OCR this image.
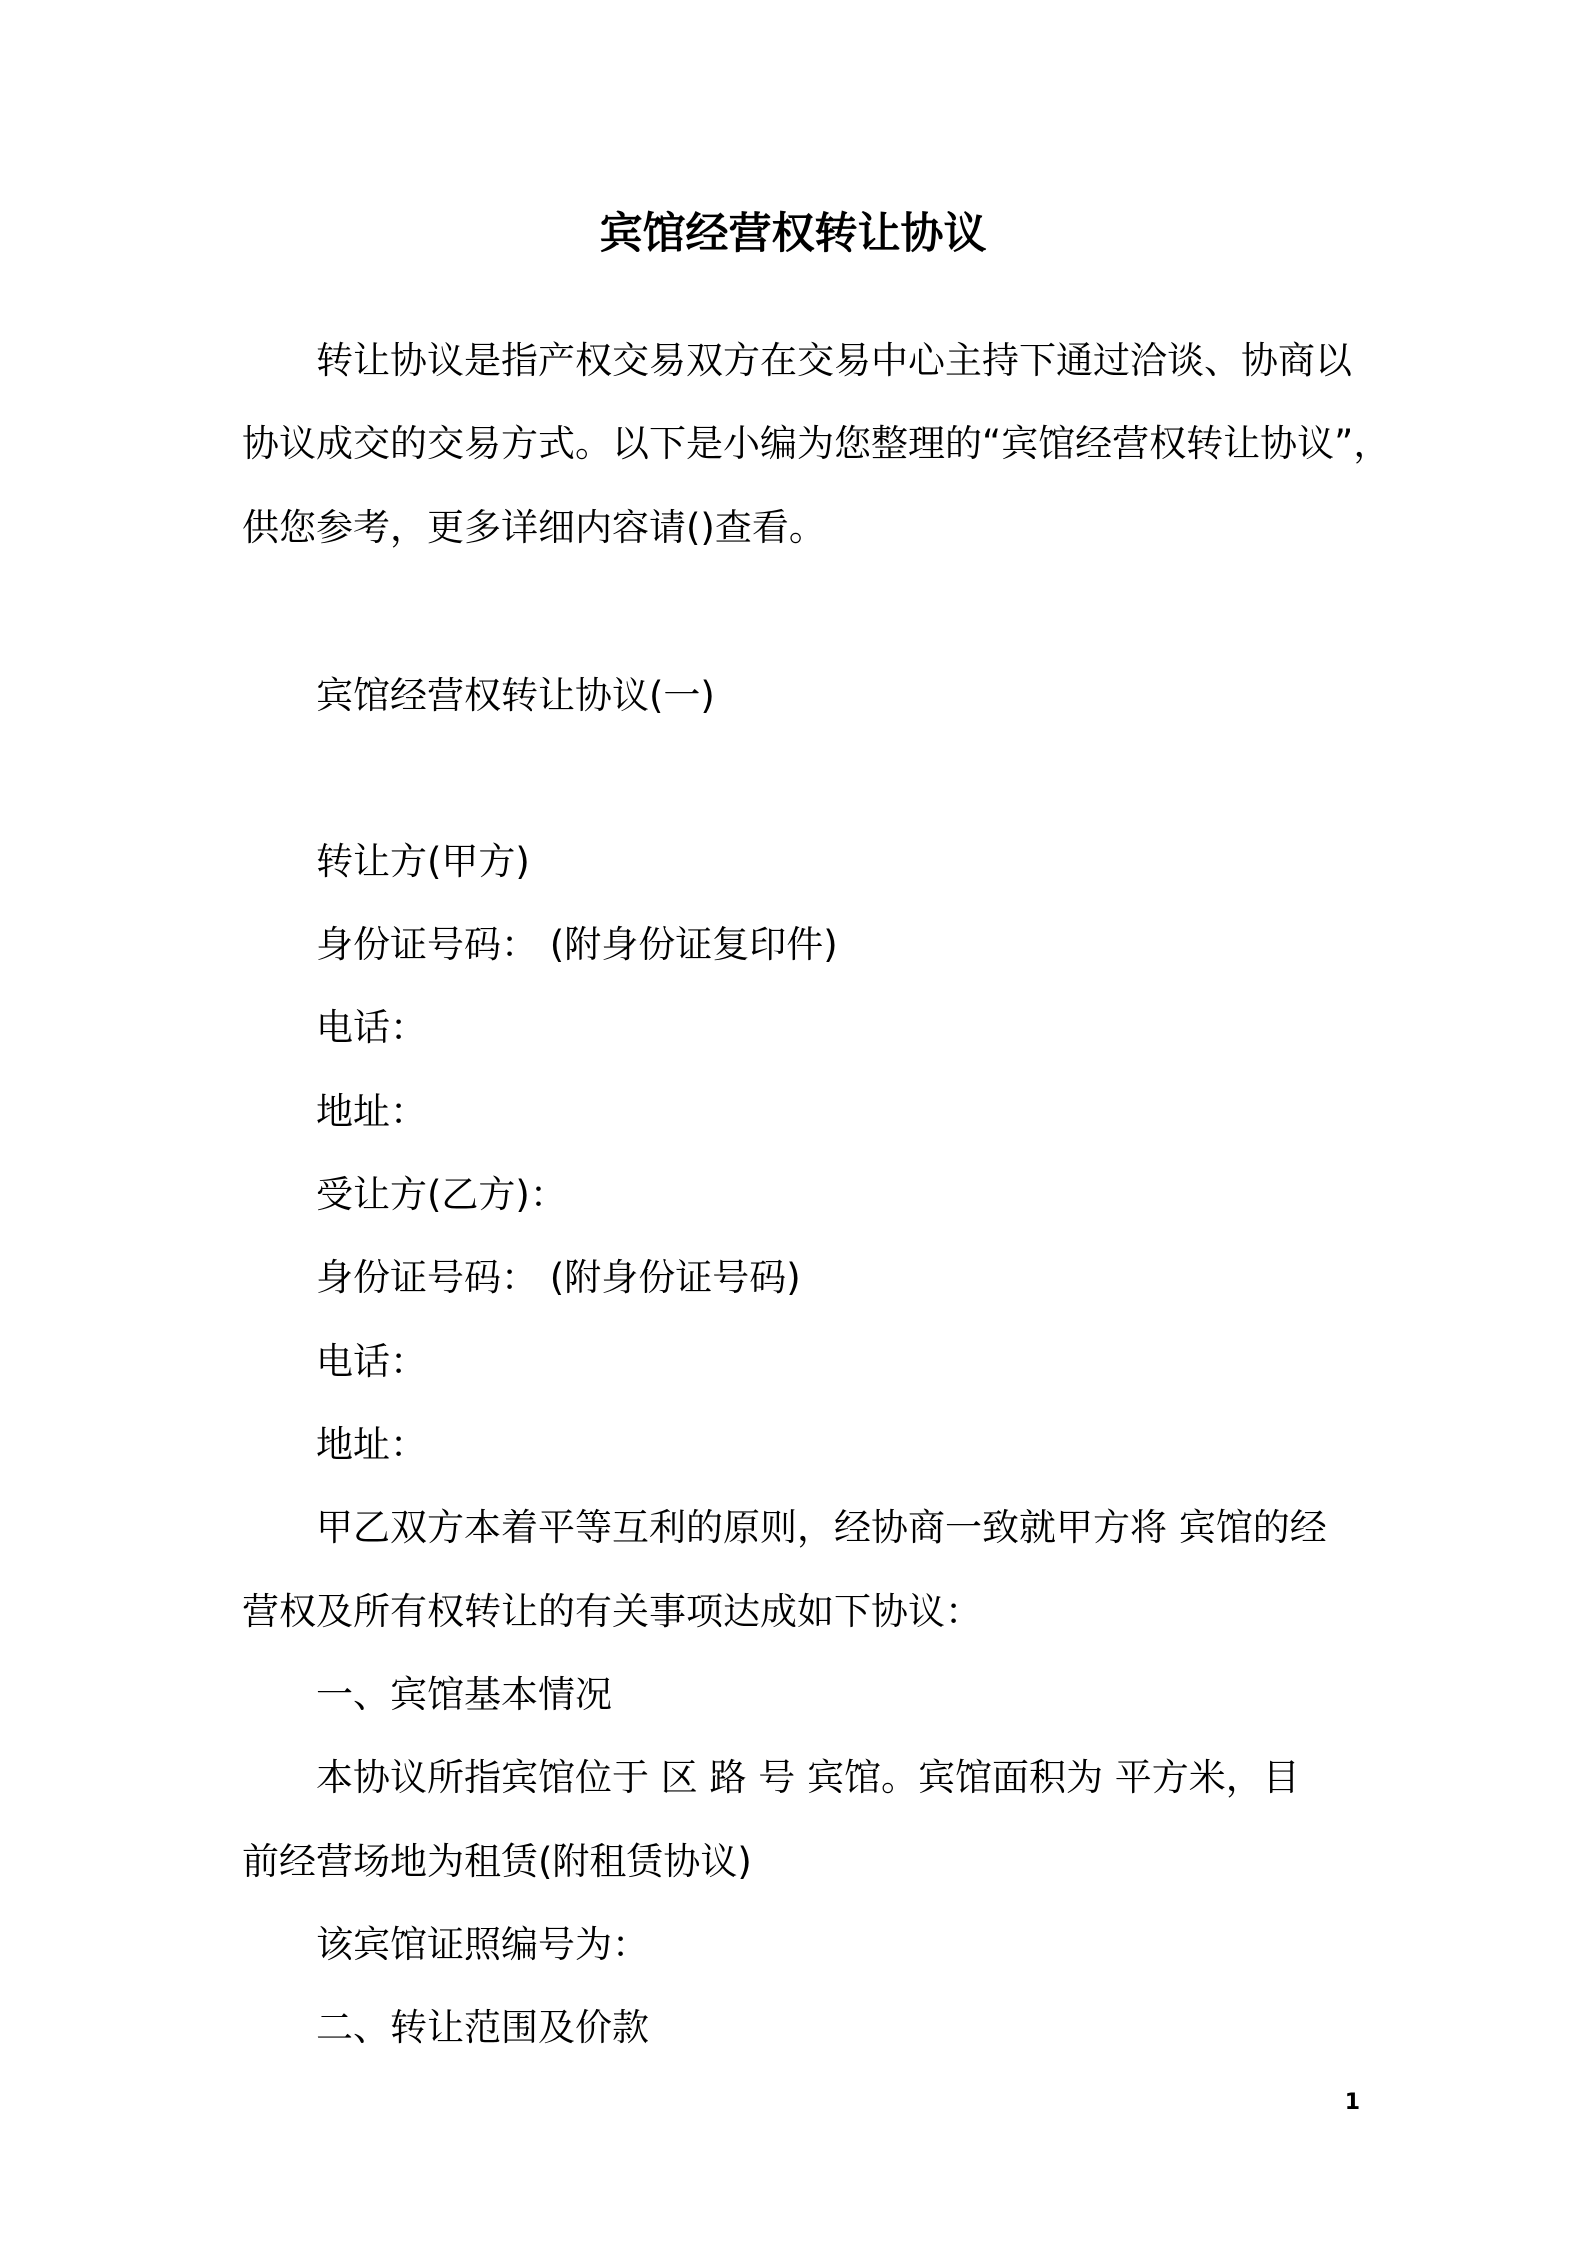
宾馆经营权转让协议
转让协议是指产权交易双方在交易中心主持下通过洽谈、协商以
协议成交的交易方式。以下是小编为您整理的“宾馆经营权转让协议”，
供您参考，更多详细内容请()查看。
宾馆经营权转让协议(一)
转让方(甲方)
身份证号码： (附身份证复印件)
电话：
地址：
受让方(乙方)：
身份证号码： (附身份证号码)
电话：
地址：
甲乙双方本着平等互利的原则，经协商一致就甲方将 宾馆的经
营权及所有权转让的有关事项达成如下协议：
一、宾馆基本情况
本协议所指宾馆位于 区 路 号 宾馆。宾馆面积为 平方米，目
前经营场地为租赁(附租赁协议)
该宾馆证照编号为：
二、转让范围及价款
1
